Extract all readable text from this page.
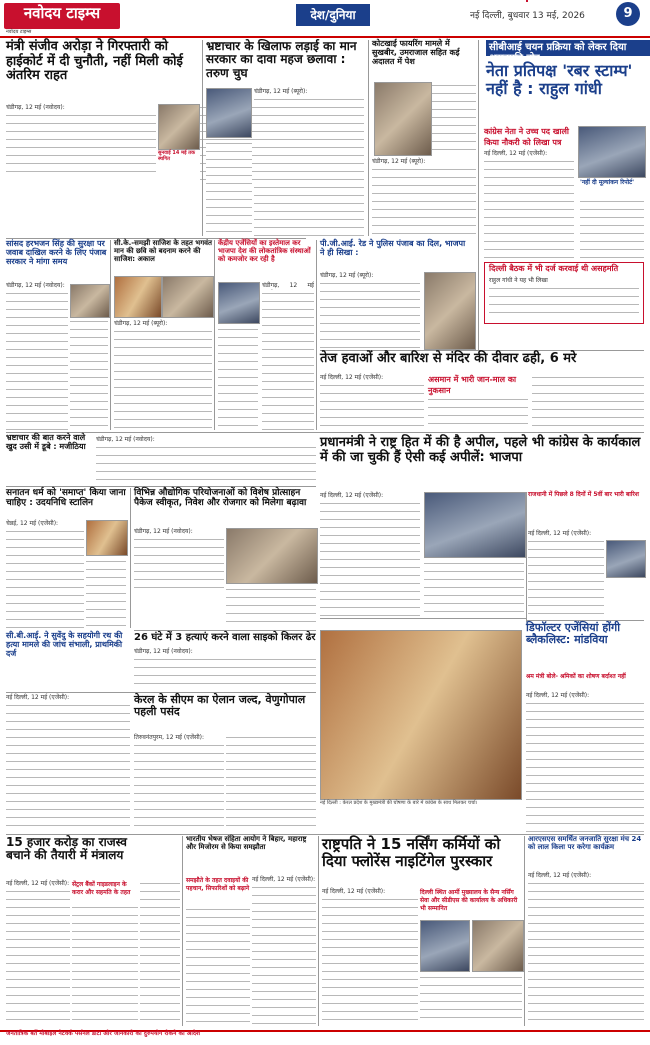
नवोदय टाइम्स
नवोदय टाइम्स
देश/दुनिया	नई दिल्ली, बुधवार 13 मई, 2026	9
मंत्री संजीव अरोड़ा ने गिरफ्तारी को हाईकोर्ट में दी चुनौती, नहीं मिली कोई अंतरिम राहत
चंडीगढ़, 12 मई (नवोदय):
सुनवाई 14 मई तक स्थगित
भ्रष्टाचार के खिलाफ लड़ाई का मान सरकार का दावा महज छलावा : तरुण चुघ
चंडीगढ़, 12 मई (ब्यूरो):
कोटखाई फायरिंग मामले में सुखबीर, उमराजाल सहित कई अदालत में पेश
चंडीगढ़, 12 मई (ब्यूरो):
सीबीआई चयन प्रक्रिया को लेकर दिया असहमति नोट
नेता प्रतिपक्ष 'रबर स्टाम्प' नहीं है : राहुल गांधी
कांग्रेस नेता ने उच्च पद खाली किया नौकरी को लिखा पत्र
नई दिल्ली, 12 मई (एजेंसी):
'नहीं दी मूल्यांकन रिपोर्ट'
दिल्ली बैठक में भी दर्ज करवाई थी असहमति
राहुल गांधी ने यह भी लिखा
सांसद हरभजन सिंह की सुरक्षा पर जवाब दाखिल करने के लिए पंजाब सरकार ने मांगा समय
चंडीगढ़, 12 मई (नवोदय):
सी.के.-समझी साजिश के तहत भगवंत मान की छवि को बदनाम करने की साजिश: अकाल
चंडीगढ़, 12 मई (ब्यूरो):
केंद्रीय एजेंसियों का इस्तेमाल कर भाजपा देश की लोकतांत्रिक संस्थाओं को कमजोर कर रही है
चंडीगढ़, 12 मई
पी.जी.आई. रेड ने पुलिस पंजाब का दिल, भाजपा ने ही सिखा :
चंडीगढ़, 12 मई (ब्यूरो):
तेज हवाओं और बारिश से मंदिर की दीवार ढही, 6 मरे
नई दिल्ली, 12 मई (एजेंसी):	असमान में भारी जान-माल का नुकसान
भ्रष्टाचार की बात करने वाले खुद उसी में डूबे : मजीठिया
चंडीगढ़, 12 मई (नवोदय):	प्रधानमंत्री ने राष्ट्र हित में की है अपील, पहले भी कांग्रेस के कार्यकाल में की जा चुकी हैं ऐसी कई अपीलें: भाजपा
नई दिल्ली, 12 मई (एजेंसी):
सनातन धर्म को 'समाप्त' किया जाना चाहिए : उदयनिधि स्टालिन
चेन्नई, 12 मई (एजेंसी):
विभिन्न औद्योगिक परियोजनाओं को विशेष प्रोत्साहन पैकेज स्वीकृत, निवेश और रोजगार को मिलेगा बढ़ावा
चंडीगढ़, 12 मई (नवोदय):
राजधानी में पिछले 8 दिनों में 5वीं बार भारी बारिश
नई दिल्ली, 12 मई (एजेंसी):
26 घंटे में 3 हत्याएं करने वाला साइको किलर ढेर
चंडीगढ़, 12 मई (नवोदय):
सी.बी.आई. ने सुवेंदु के सहयोगी रथ की हत्या मामले की जांच संभाली, प्राथमिकी दर्ज
नई दिल्ली, 12 मई (एजेंसी):	केरल के सीएम का ऐलान जल्द, वेणुगोपाल पहली पसंद
तिरुवनंतपुरम, 12 मई (एजेंसी):
नई दिल्ली : केरल प्रदेश के मुख्यमंत्री की घोषणा के बारे में कांग्रेस के साथ मिलकर चर्चा।
डिफॉल्टर एजेंसियां होंगी ब्लैकलिस्ट: मांडविया
श्रम मंत्री बोले- श्रमिकों का शोषण बर्दाश्त नहीं
नई दिल्ली, 12 मई (एजेंसी):
15 हजार करोड़ का राजस्व बचाने की तैयारी में मंत्रालय
सेंट्रल बैंकों गाइडलाइन के करार और सहमति के तहत
नई दिल्ली, 12 मई (एजेंसी):
भारतीय भेषज संहिता आयोग ने बिहार, महाराष्ट्र और मिजोरम से किया समझौता
समझौते के तहत दवाइयों की पहचान, सिफारिशों को बढ़ाने
नई दिल्ली, 12 मई (एजेंसी):
राष्ट्रपति ने 15 नर्सिंग कर्मियों को दिया फ्लोरेंस नाइटिंगेल पुरस्कार
दिल्ली स्थित आर्मी मुख्यालय के सैन्य नर्सिंग सेवा और सीडीएस की कार्यालय के अधिकारी भी सम्मानित
नई दिल्ली, 12 मई (एजेंसी):
आरएसएस समर्थित जनजाति सुरक्षा मंच 24 को लाल किला पर करेगा कार्यक्रम
नई दिल्ली, 12 मई (एजेंसी):
जनतांत्रिक बर्ते मोबाइल नेटवर्क पर्सनल डाटा और जानकारी का दुरुपयोग रोकने का आदेश
